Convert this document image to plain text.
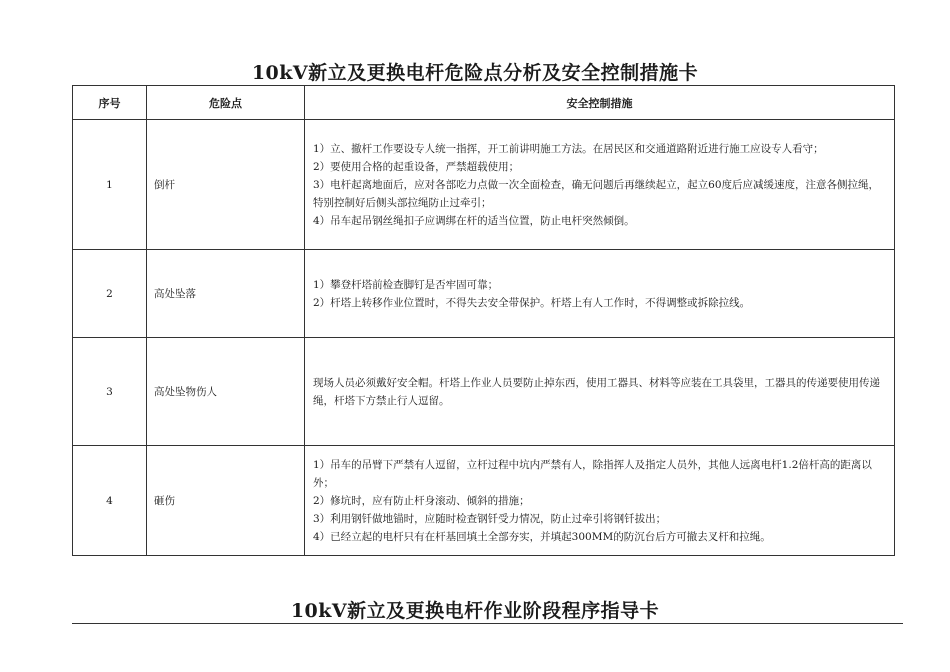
10kV新立及更换电杆危险点分析及安全控制措施卡
序号	危险点	安全控制措施
1	倒杆	1）立、撤杆工作要设专人统一指挥，开工前讲明施工方法。在居民区和交通道路附近进行施工应设专人看守；
2）要使用合格的起重设备，严禁超载使用；
3）电杆起离地面后，应对各部吃力点做一次全面检查，确无问题后再继续起立，起立60度后应减缓速度，注意各侧拉绳，特别控制好后侧头部拉绳防止过牵引；
4）吊车起吊钢丝绳扣子应调绑在杆的适当位置，防止电杆突然倾倒。

2	高处坠落	1）攀登杆塔前检查脚钉是否牢固可靠；
2）杆塔上转移作业位置时，不得失去安全带保护。杆塔上有人工作时，不得调整或拆除拉线。

3	高处坠物伤人	现场人员必须戴好安全帽。杆塔上作业人员要防止掉东西，使用工器具、材料等应装在工具袋里，工器具的传递要使用传递绳，杆塔下方禁止行人逗留。

4	砸伤	1）吊车的吊臂下严禁有人逗留，立杆过程中坑内严禁有人，除指挥人及指定人员外，其他人远离电杆1.2倍杆高的距离以外；
2）修坑时，应有防止杆身滚动、倾斜的措施；
3）利用钢钎做地锚时，应随时检查钢钎受力情况，防止过牵引将钢钎拔出；
4）已经立起的电杆只有在杆基回填土全部夯实，并填起300MM的防沉台后方可撤去叉杆和拉绳。
10kV新立及更换电杆作业阶段程序指导卡
